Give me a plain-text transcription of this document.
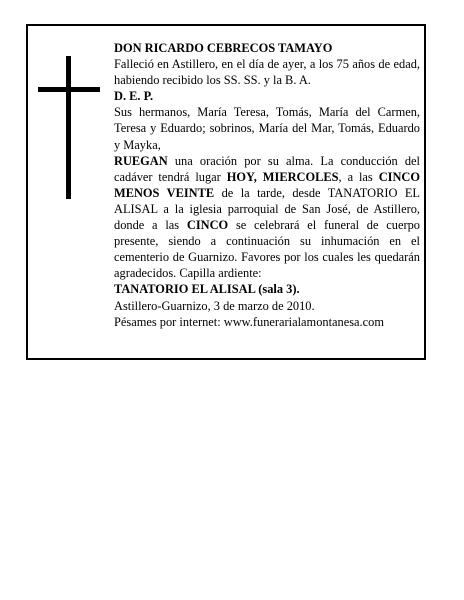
DON RICARDO CEBRECOS TAMAYO

Falleció en Astillero, en el día de ayer, a los 75 años de edad, habiendo recibido los SS. SS. y la B. A.

D. E. P.

Sus hermanos, María Teresa, Tomás, María del Carmen, Teresa y Eduardo; sobrinos, María del Mar, Tomás, Eduardo y Mayka,

RUEGAN una oración por su alma. La conducción del cadáver tendrá lugar HOY, MIERCOLES, a las CINCO MENOS VEINTE de la tarde, desde TANATORIO EL ALISAL a la iglesia parroquial de San José, de Astillero, donde a las CINCO se celebrará el funeral de cuerpo presente, siendo a continuación su inhumación en el cementerio de Guarnizo. Favores por los cuales les quedarán agradecidos. Capilla ardiente:

TANATORIO EL ALISAL (sala 3).

Astillero-Guarnizo, 3 de marzo de 2010.

Pésames por internet: www.funerarialamontanesa.com
